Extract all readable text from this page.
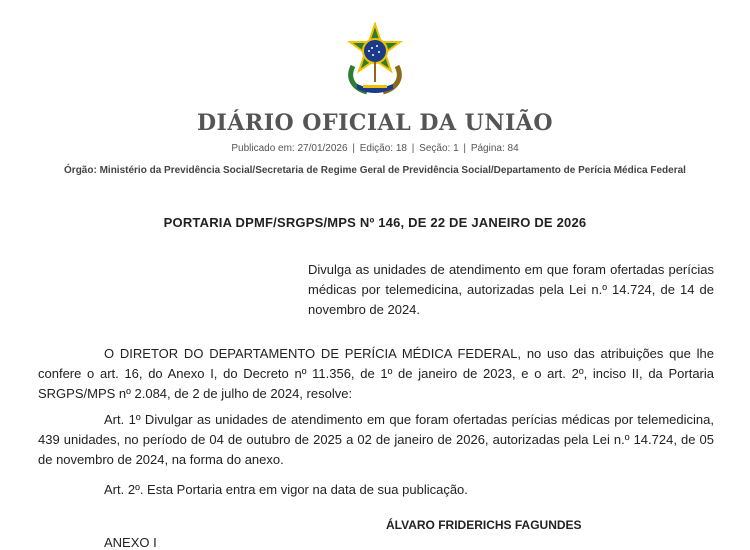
DIÁRIO OFICIAL DA UNIÃO
Publicado em: 27/01/2026 | Edição: 18 | Seção: 1 | Página: 84
Órgão: Ministério da Previdência Social/Secretaria de Regime Geral de Previdência Social/Departamento de Perícia Médica Federal
PORTARIA DPMF/SRGPS/MPS Nº 146, DE 22 DE JANEIRO DE 2026
Divulga as unidades de atendimento em que foram ofertadas perícias médicas por telemedicina, autorizadas pela Lei n.º 14.724, de 14 de novembro de 2024.
O DIRETOR DO DEPARTAMENTO DE PERÍCIA MÉDICA FEDERAL, no uso das atribuições que lhe confere o art. 16, do Anexo I, do Decreto nº 11.356, de 1º de janeiro de 2023, e o art. 2º, inciso II, da Portaria SRGPS/MPS nº 2.084, de 2 de julho de 2024, resolve:
Art. 1º Divulgar as unidades de atendimento em que foram ofertadas perícias médicas por telemedicina, 439 unidades, no período de 04 de outubro de 2025 a 02 de janeiro de 2026, autorizadas pela Lei n.º 14.724, de 05 de novembro de 2024, na forma do anexo.
Art. 2º. Esta Portaria entra em vigor na data de sua publicação.
ÁLVARO FRIDERICHS FAGUNDES
ANEXO I
